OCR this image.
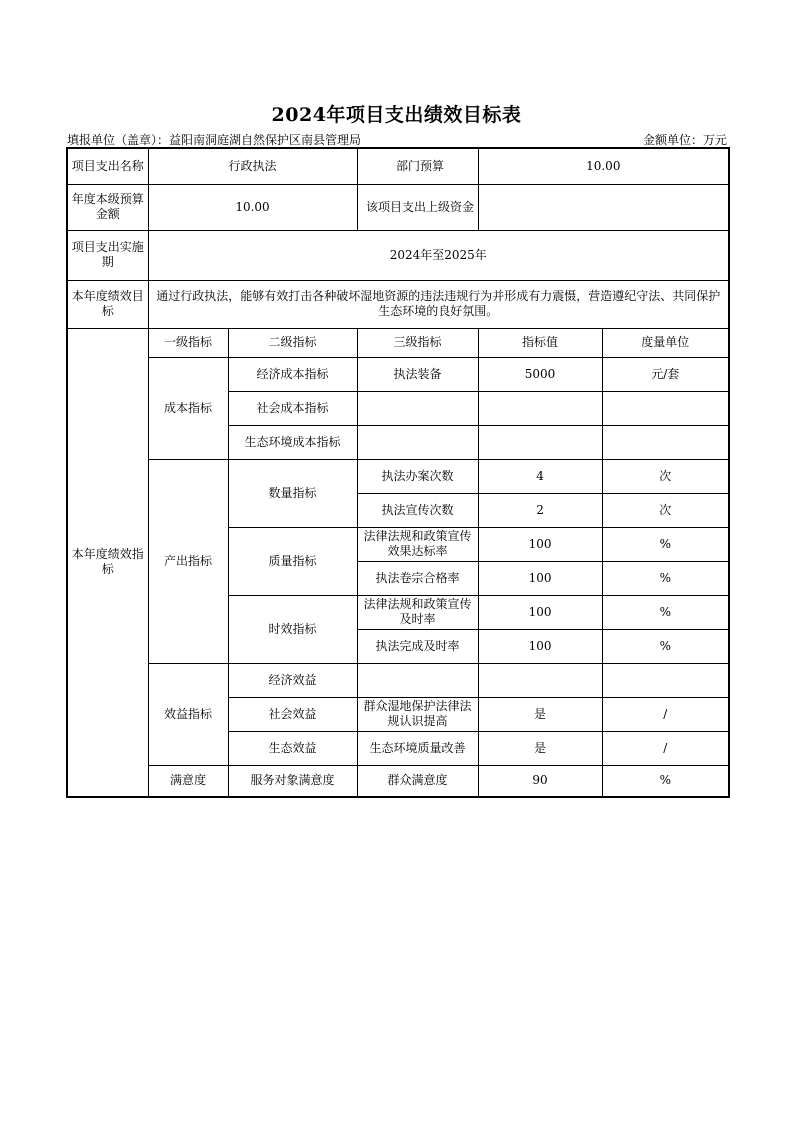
2024年项目支出绩效目标表
填报单位（盖章）：益阳南洞庭湖自然保护区南县管理局	金额单位：万元
项目支出名称	行政执法		部门预算	10.00	
年度本级预算金额	10.00		该项目支出上级资金		
项目支出实施期	2024年至2025年				
本年度绩效目标	通过行政执法，能够有效打击各种破坏湿地资源的违法违规行为并形成有力震慑，营造遵纪守法、共同保护生态环境的良好氛围。				
本年度绩效指标	一级指标	二级指标	三级指标	指标值	度量单位
	成本指标	经济成本指标	执法装备	5000	元/套
		社会成本指标			
		生态环境成本指标			
	产出指标	数量指标	执法办案次数	4	次
			执法宣传次数	2	次
		质量指标	法律法规和政策宣传效果达标率	100	%
			执法卷宗合格率	100	%
		时效指标	法律法规和政策宣传及时率	100	%
			执法完成及时率	100	%
	效益指标	经济效益			
		社会效益	群众湿地保护法律法规认识提高	是	/
		生态效益	生态环境质量改善	是	/
	满意度	服务对象满意度	群众满意度	90	%
